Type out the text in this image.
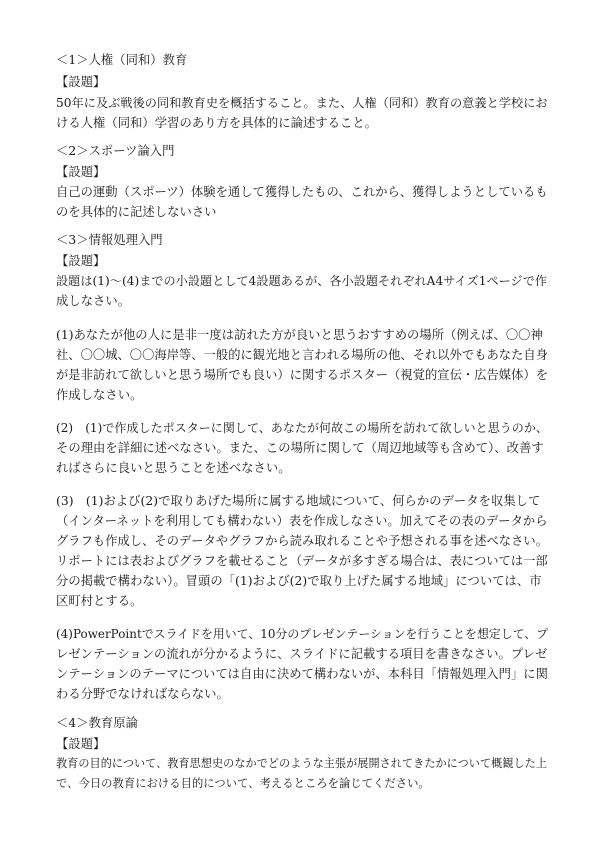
＜1＞人権（同和）教育
【設題】
50年に及ぶ戦後の同和教育史を概括すること。また、人権（同和）教育の意義と学校にお
ける人権（同和）学習のあり方を具体的に論述すること。
＜2＞スポーツ論入門
【設題】
自己の運動（スポーツ）体験を通して獲得したもの、これから、獲得しようとしているも
のを具体的に記述しないさい
＜3＞情報処理入門
【設題】
設題は(1)〜(4)までの小設題として4設題あるが、各小設題それぞれA4サイズ1ページで作
成しなさい。
(1)あなたが他の人に是非一度は訪れた方が良いと思うおすすめの場所（例えば、〇〇神
社、〇〇城、〇〇海岸等、一般的に観光地と言われる場所の他、それ以外でもあなた自身
が是非訪れて欲しいと思う場所でも良い）に関するポスター（視覚的宣伝・広告媒体）を
作成しなさい。
(2)　(1)で作成したポスターに関して、あなたが何故この場所を訪れて欲しいと思うのか、
その理由を詳細に述べなさい。また、この場所に関して（周辺地域等も含めて）、改善す
ればさらに良いと思うことを述べなさい。
(3)　(1)および(2)で取りあげた場所に属する地域について、何らかのデータを収集して
（インターネットを利用しても構わない）表を作成しなさい。加えてその表のデータから
グラフも作成し、そのデータやグラフから読み取れることや予想される事を述べなさい。
リポートには表およびグラフを載せること（データが多すぎる場合は、表については一部
分の掲載で構わない）。冒頭の「(1)および(2)で取り上げた属する地域」については、市
区町村とする。
(4)PowerPointでスライドを用いて、10分のプレゼンテーションを行うことを想定して、プ
レゼンテーションの流れが分かるように、スライドに記載する項目を書きなさい。プレゼ
ンテーションのテーマについては自由に決めて構わないが、本科目「情報処理入門」に関
わる分野でなければならない。
＜4＞教育原論
【設題】
教育の目的について、教育思想史のなかでどのような主張が展開されてきたかについて概観した上
で、今日の教育における目的について、考えるところを論じてください。
